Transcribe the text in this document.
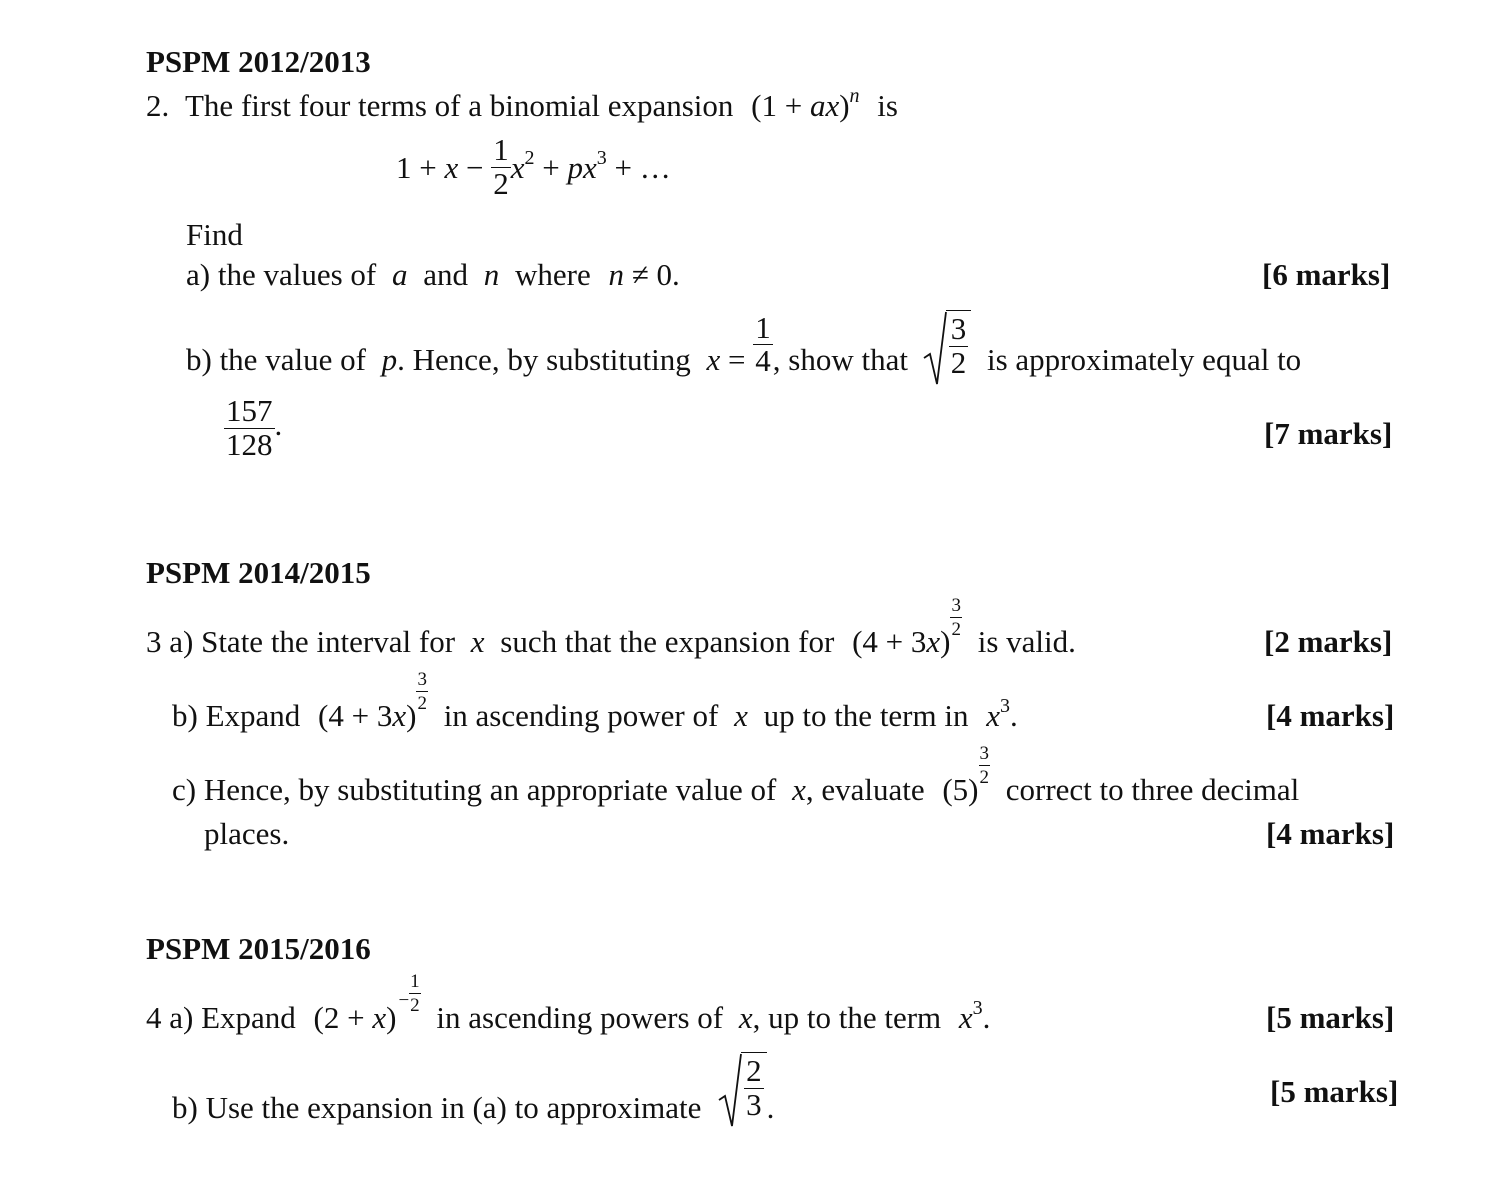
PSPM 2012/2013
2. The first four terms of a binomial expansion (1 + ax)$^n$ is
$1 + x - \frac{1}{2} x^2 + px^3$ + …
Find
a) the values of a and n where n ≠ 0.	[6 marks]
b) the value of p. Hence, by substituting $x = \frac{1}{4}$ , show that $\frac{3}{2}$ is approximately equal to
$\frac{157}{128}$ .	[7 marks]
PSPM 2014/2015
3 a) State the interval for x such that the expansion for (4 + 3x)
$\frac{3}{2}$
is valid.	[2 marks]
b) Expand (4 + 3x)
$\frac{3}{2}$
in ascending power of x up to the term in $x^3$.	[4 marks]
c) Hence, by substituting an appropriate value of x, evaluate (5)
$\frac{3}{2}$
correct to three decimal
places.	[4 marks]
PSPM 2015/2016
4 a) Expand (2 + x) $^- \frac{1}{2}$
in ascending powers of x, up to the term $x^3$.	[5 marks]
b) Use the expansion in (a) to approximate $\frac{2}{3}$ .	[5 marks]
